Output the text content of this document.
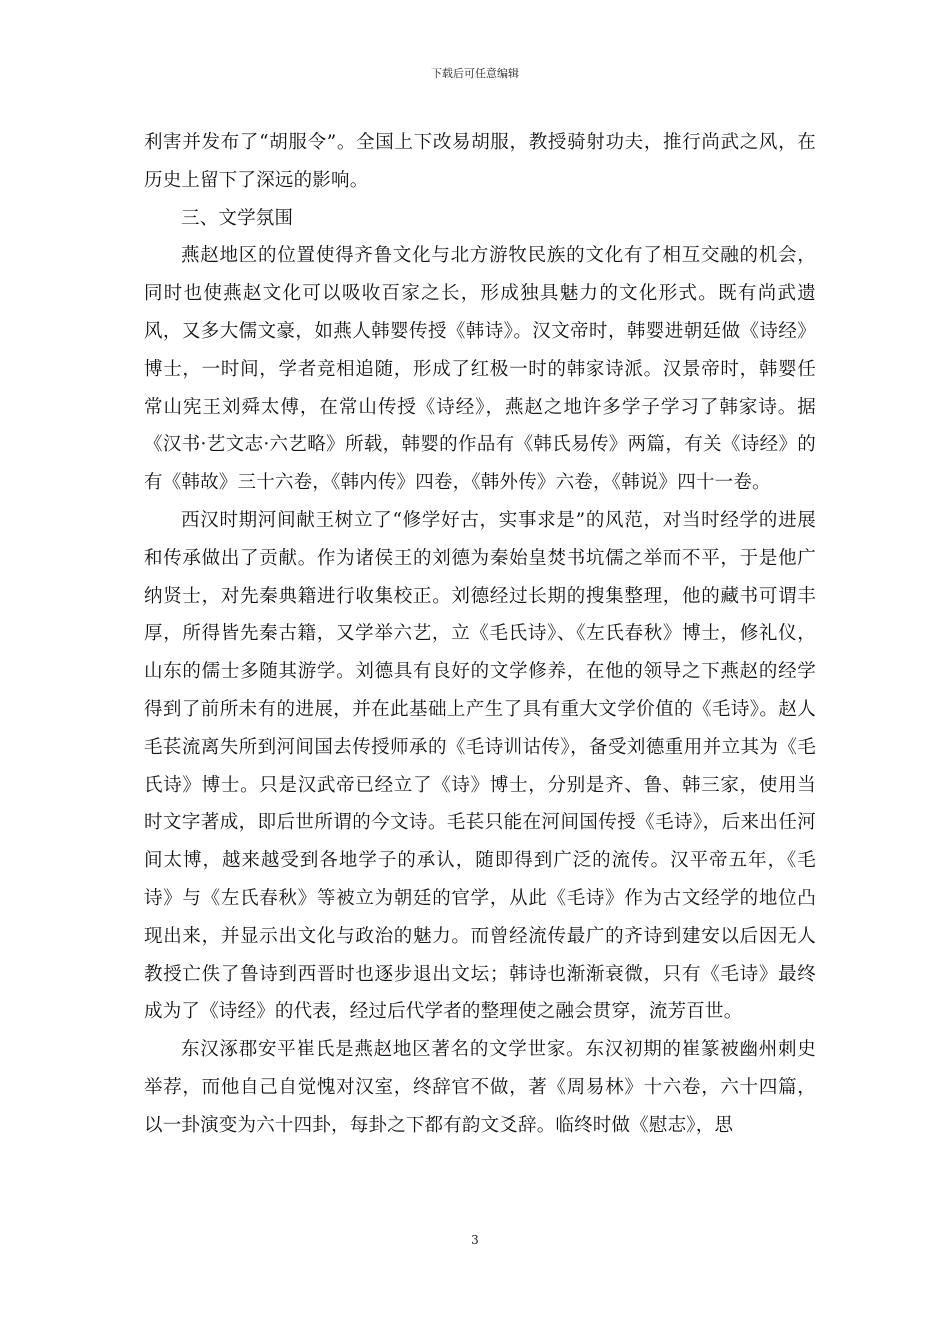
下载后可任意编辑

利害并发布了“胡服令”。全国上下改易胡服，教授骑射功夫，推行尚武之风，在历史上留下了深远的影响。

三、文学氛围

燕赵地区的位置使得齐鲁文化与北方游牧民族的文化有了相互交融的机会，同时也使燕赵文化可以吸收百家之长，形成独具魅力的文化形式。既有尚武遗风，又多大儒文豪，如燕人韩婴传授《韩诗》。汉文帝时，韩婴进朝廷做《诗经》博士，一时间，学者竞相追随，形成了红极一时的韩家诗派。汉景帝时，韩婴任常山宪王刘舜太傅，在常山传授《诗经》，燕赵之地许多学子学习了韩家诗。据《汉书·艺文志·六艺略》所载，韩婴的作品有《韩氏易传》两篇，有关《诗经》的有《韩故》三十六卷，《韩内传》四卷，《韩外传》六卷，《韩说》四十一卷。

西汉时期河间献王树立了“修学好古，实事求是”的风范，对当时经学的进展和传承做出了贡献。作为诸侯王的刘德为秦始皇焚书坑儒之举而不平，于是他广纳贤士，对先秦典籍进行收集校正。刘德经过长期的搜集整理，他的藏书可谓丰厚，所得皆先秦古籍，又学举六艺，立《毛氏诗》、《左氏春秋》博士，修礼仪，山东的儒士多随其游学。刘德具有良好的文学修养，在他的领导之下燕赵的经学得到了前所未有的进展，并在此基础上产生了具有重大文学价值的《毛诗》。赵人毛苌流离失所到河间国去传授师承的《毛诗训诂传》，备受刘德重用并立其为《毛氏诗》博士。只是汉武帝已经立了《诗》博士，分别是齐、鲁、韩三家，使用当时文字著成，即后世所谓的今文诗。毛苌只能在河间国传授《毛诗》，后来出任河间太博，越来越受到各地学子的承认，随即得到广泛的流传。汉平帝五年，《毛诗》与《左氏春秋》等被立为朝廷的官学，从此《毛诗》作为古文经学的地位凸现出来，并显示出文化与政治的魅力。而曾经流传最广的齐诗到建安以后因无人教授亡佚了鲁诗到西晋时也逐步退出文坛；韩诗也渐渐衰微，只有《毛诗》最终成为了《诗经》的代表，经过后代学者的整理使之融会贯穿，流芳百世。

东汉涿郡安平崔氏是燕赵地区著名的文学世家。东汉初期的崔篆被幽州刺史举荐，而他自己自觉愧对汉室，终辞官不做，著《周易林》十六卷，六十四篇，以一卦演变为六十四卦，每卦之下都有韵文爻辞。临终时做《慰志》，思

3
